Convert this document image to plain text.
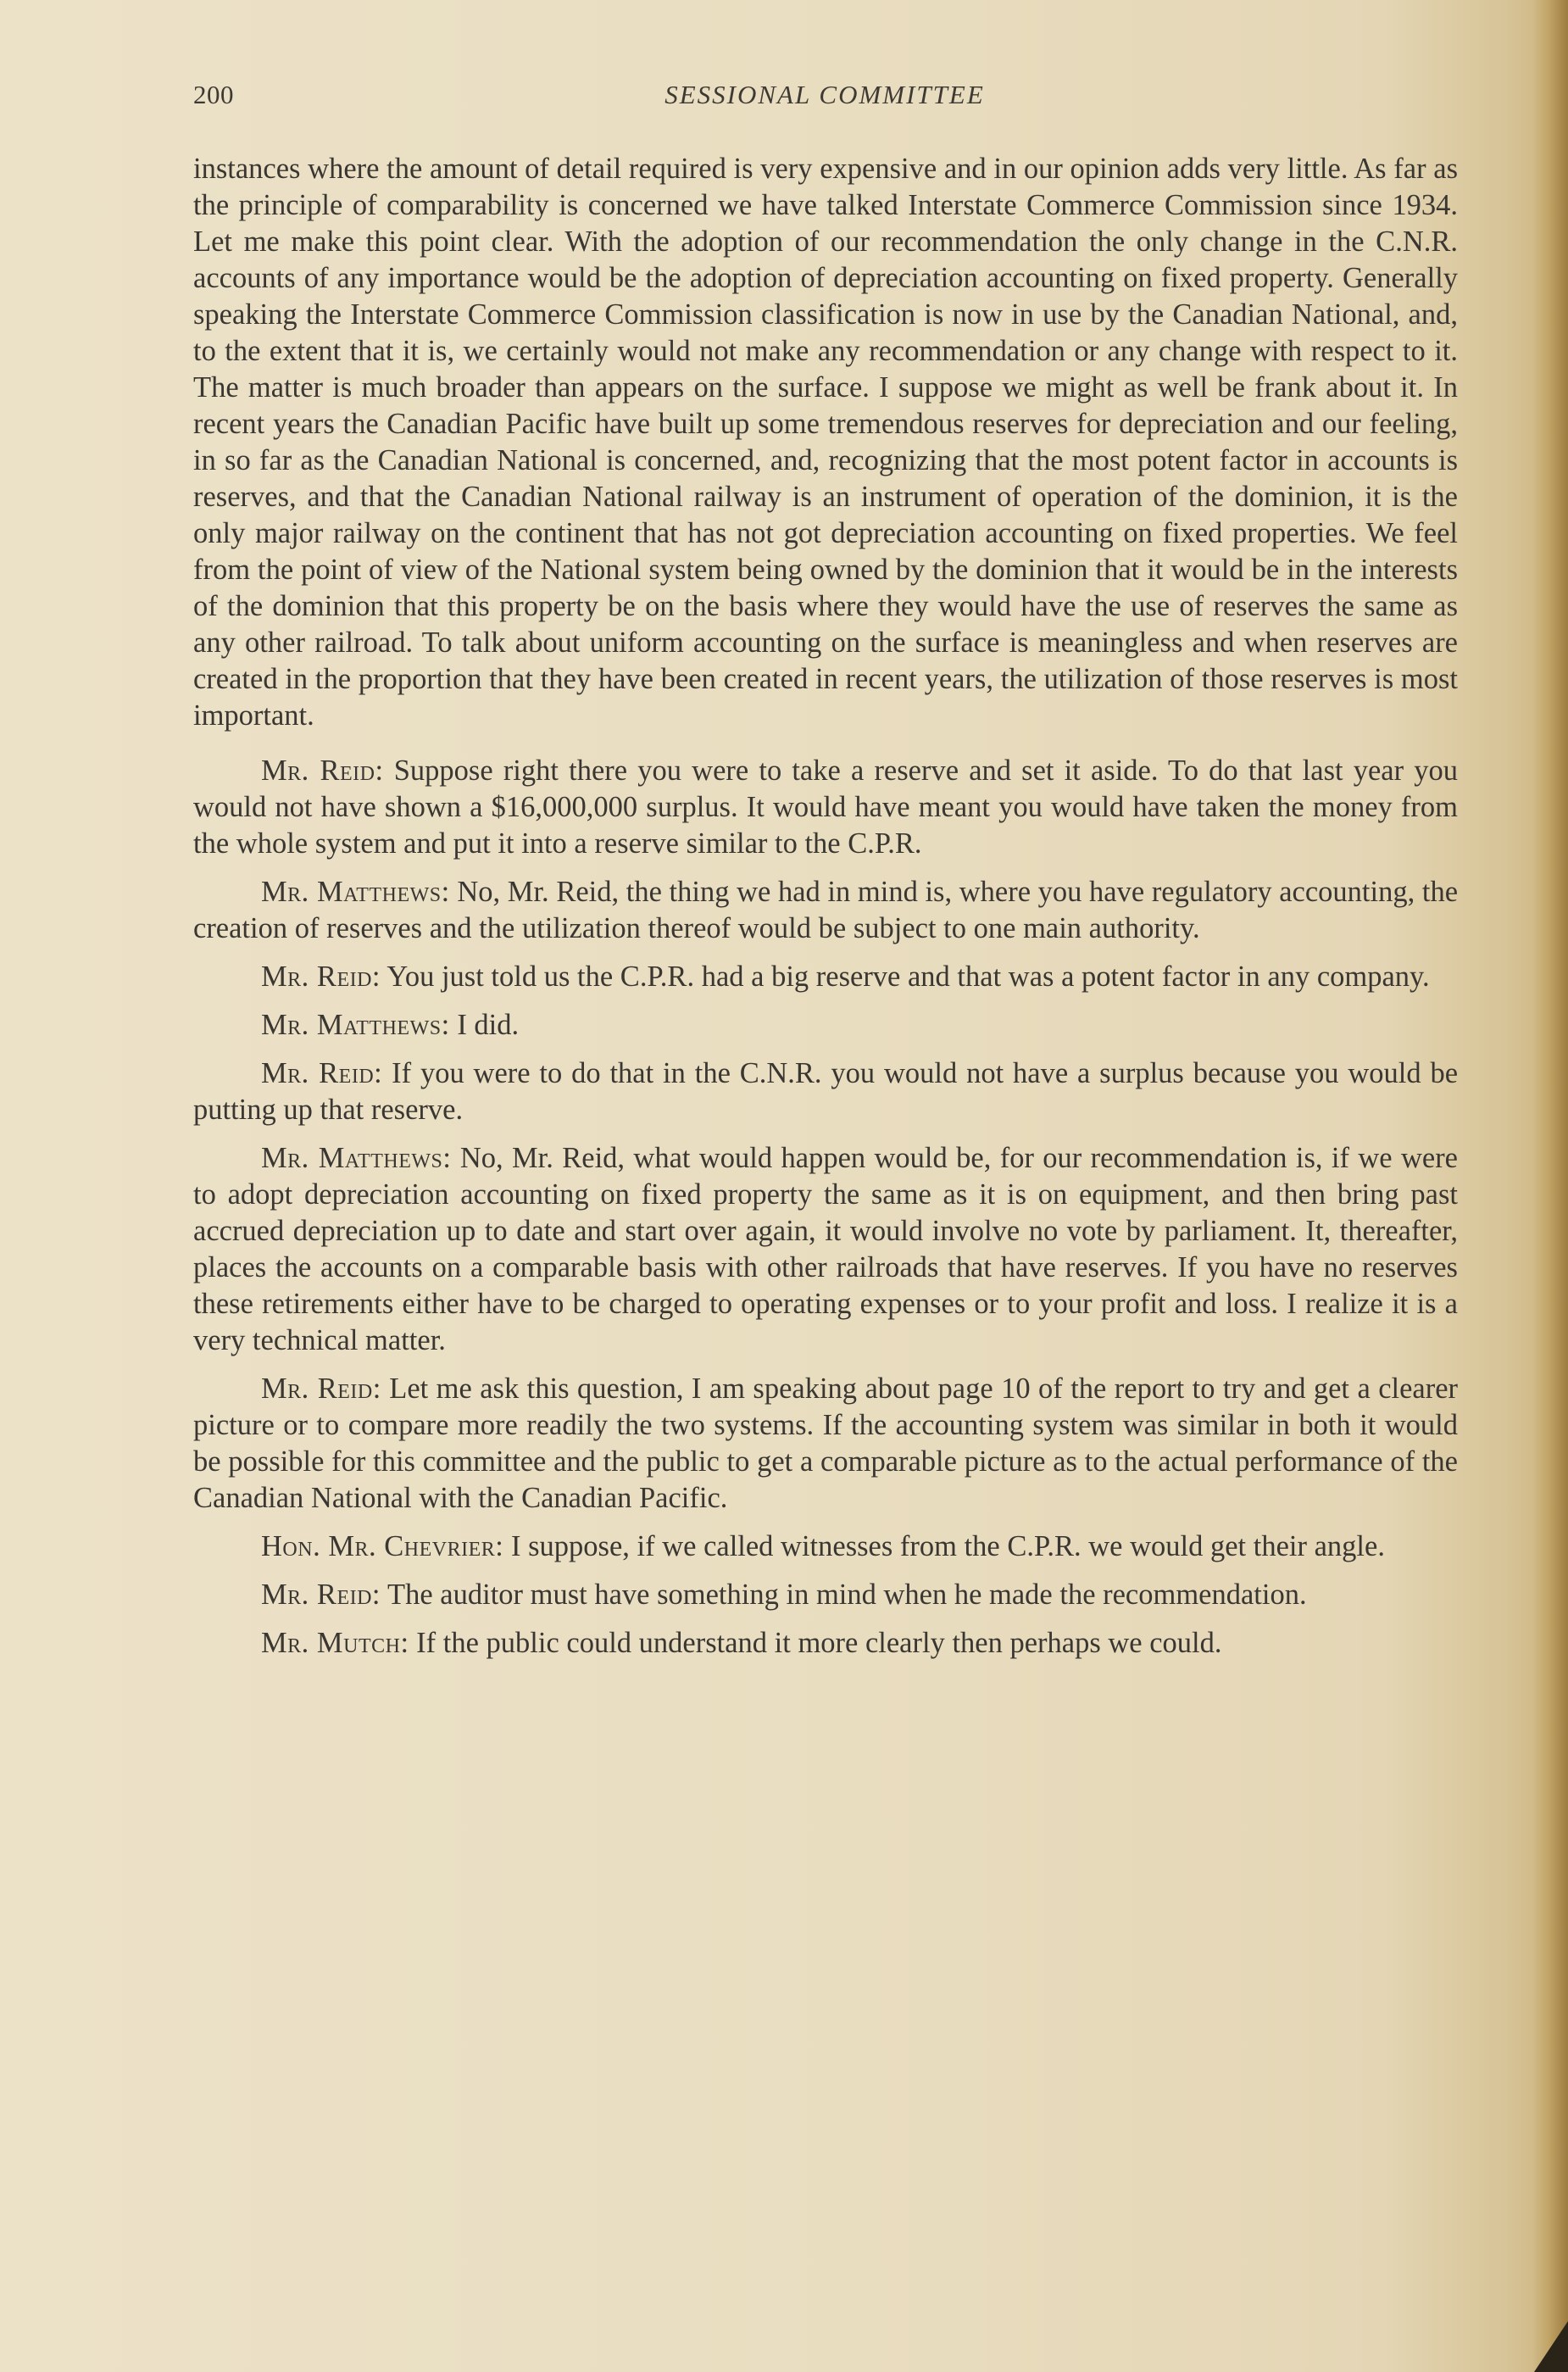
200	SESSIONAL COMMITTEE

instances where the amount of detail required is very expensive and in our opinion adds very little. As far as the principle of comparability is concerned we have talked Interstate Commerce Commission since 1934. Let me make this point clear. With the adoption of our recommendation the only change in the C.N.R. accounts of any importance would be the adoption of depreciation accounting on fixed property. Generally speaking the Interstate Commerce Commission classification is now in use by the Canadian National, and, to the extent that it is, we certainly would not make any recommendation or any change with respect to it. The matter is much broader than appears on the surface. I suppose we might as well be frank about it. In recent years the Canadian Pacific have built up some tremendous reserves for depreciation and our feeling, in so far as the Canadian National is concerned, and, recognizing that the most potent factor in accounts is reserves, and that the Canadian National railway is an instrument of operation of the dominion, it is the only major railway on the continent that has not got depreciation accounting on fixed properties. We feel from the point of view of the National system being owned by the dominion that it would be in the interests of the dominion that this property be on the basis where they would have the use of reserves the same as any other railroad. To talk about uniform accounting on the surface is meaningless and when reserves are created in the proportion that they have been created in recent years, the utilization of those reserves is most important.

Mr. Reid: Suppose right there you were to take a reserve and set it aside. To do that last year you would not have shown a $16,000,000 surplus. It would have meant you would have taken the money from the whole system and put it into a reserve similar to the C.P.R.

Mr. Matthews: No, Mr. Reid, the thing we had in mind is, where you have regulatory accounting, the creation of reserves and the utilization thereof would be subject to one main authority.

Mr. Reid: You just told us the C.P.R. had a big reserve and that was a potent factor in any company.

Mr. Matthews: I did.

Mr. Reid: If you were to do that in the C.N.R. you would not have a surplus because you would be putting up that reserve.

Mr. Matthews: No, Mr. Reid, what would happen would be, for our recommendation is, if we were to adopt depreciation accounting on fixed property the same as it is on equipment, and then bring past accrued depreciation up to date and start over again, it would involve no vote by parliament. It, thereafter, places the accounts on a comparable basis with other railroads that have reserves. If you have no reserves these retirements either have to be charged to operating expenses or to your profit and loss. I realize it is a very technical matter.

Mr. Reid: Let me ask this question, I am speaking about page 10 of the report to try and get a clearer picture or to compare more readily the two systems. If the accounting system was similar in both it would be possible for this committee and the public to get a comparable picture as to the actual performance of the Canadian National with the Canadian Pacific.

Hon. Mr. Chevrier: I suppose, if we called witnesses from the C.P.R. we would get their angle.

Mr. Reid: The auditor must have something in mind when he made the recommendation.

Mr. Mutch: If the public could understand it more clearly then perhaps we could.
